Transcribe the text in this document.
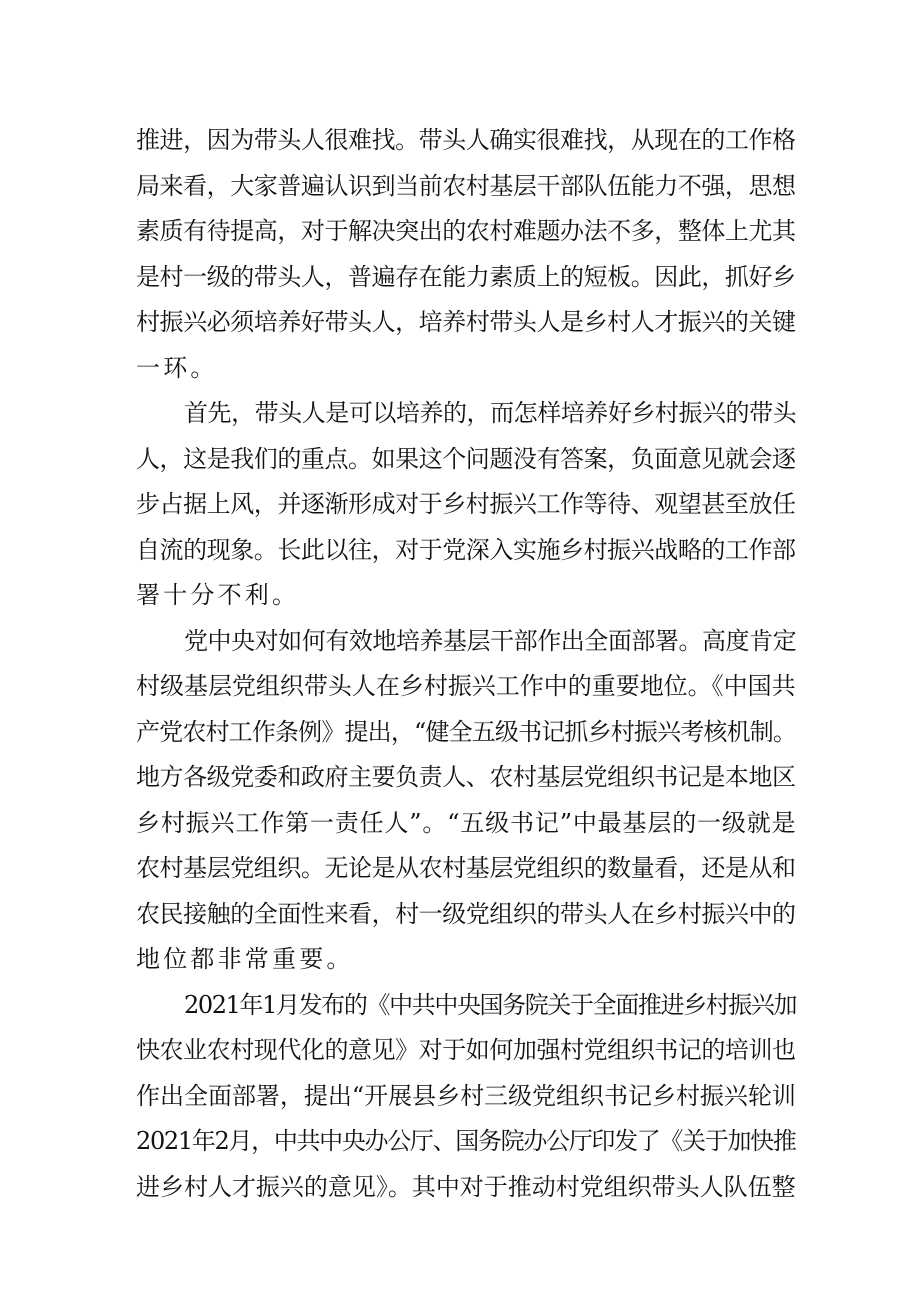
推进，因为带头人很难找。带头人确实很难找，从现在的工作格
局来看，大家普遍认识到当前农村基层干部队伍能力不强，思想
素质有待提高，对于解决突出的农村难题办法不多，整体上尤其
是村一级的带头人，普遍存在能力素质上的短板。因此，抓好乡
村振兴必须培养好带头人，培养村带头人是乡村人才振兴的关键
一环。
首先，带头人是可以培养的，而怎样培养好乡村振兴的带头
人，这是我们的重点。如果这个问题没有答案，负面意见就会逐
步占据上风，并逐渐形成对于乡村振兴工作等待、观望甚至放任
自流的现象。长此以往，对于党深入实施乡村振兴战略的工作部
署十分不利。
党中央对如何有效地培养基层干部作出全面部署。高度肯定
村级基层党组织带头人在乡村振兴工作中的重要地位。《中国共
产党农村工作条例》提出，“健全五级书记抓乡村振兴考核机制。
地方各级党委和政府主要负责人、农村基层党组织书记是本地区
乡村振兴工作第一责任人”。“五级书记”中最基层的一级就是
农村基层党组织。无论是从农村基层党组织的数量看，还是从和
农民接触的全面性来看，村一级党组织的带头人在乡村振兴中的
地位都非常重要。
2021年1月发布的《中共中央国务院关于全面推进乡村振兴加
快农业农村现代化的意见》对于如何加强村党组织书记的培训也
作出全面部署，提出“开展县乡村三级党组织书记乡村振兴轮训
2021年2月，中共中央办公厅、国务院办公厅印发了《关于加快推
进乡村人才振兴的意见》。其中对于推动村党组织带头人队伍整
